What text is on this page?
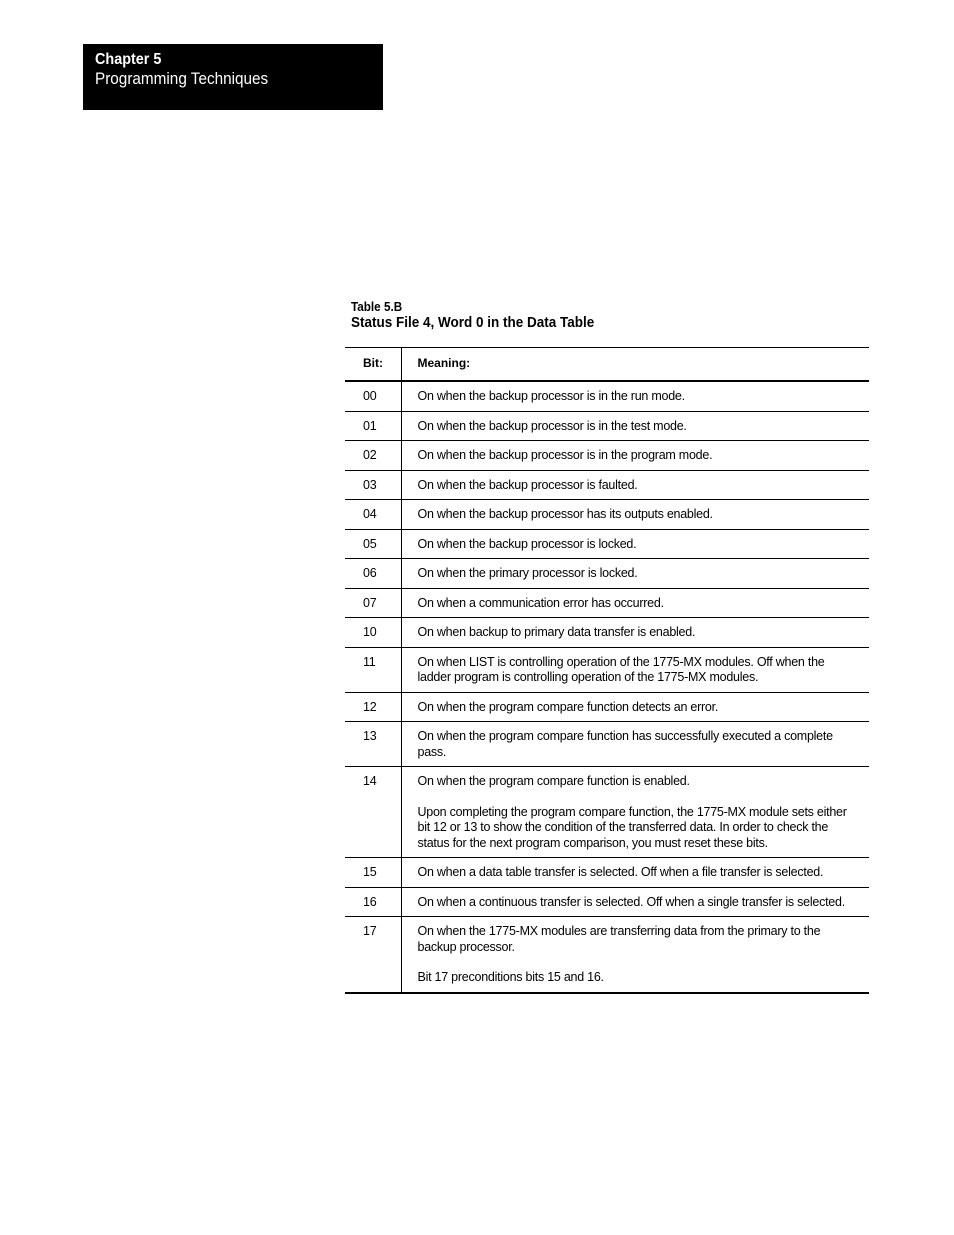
Chapter 5
Programming Techniques
Table 5.B
Status File 4, Word 0 in the Data Table
Bit:	Meaning:

00	On when the backup processor is in the run mode.

01	On when the backup processor is in the test mode.

02	On when the backup processor is in the program mode.

03	On when the backup processor is faulted.

04	On when the backup processor has its outputs enabled.

05	On when the backup processor is locked.

06	On when the primary processor is locked.

07	On when a communication error has occurred.

10	On when backup to primary data transfer is enabled.

11	On when LIST is controlling operation of the 1775-MX modules. Off when the ladder program is controlling operation of the 1775-MX modules.

12	On when the program compare function detects an error.

13	On when the program compare function has successfully executed a complete pass.

14	On when the program compare function is enabled.
Upon completing the program compare function, the 1775-MX module sets either bit 12 or 13 to show the condition of the transferred data. In order to check the status for the next program comparison, you must reset these bits.

15	On when a data table transfer is selected. Off when a file transfer is selected.

16	On when a continuous transfer is selected. Off when a single transfer is selected.

17	On when the 1775-MX modules are transferring data from the primary to the backup processor.
Bit 17 preconditions bits 15 and 16.
